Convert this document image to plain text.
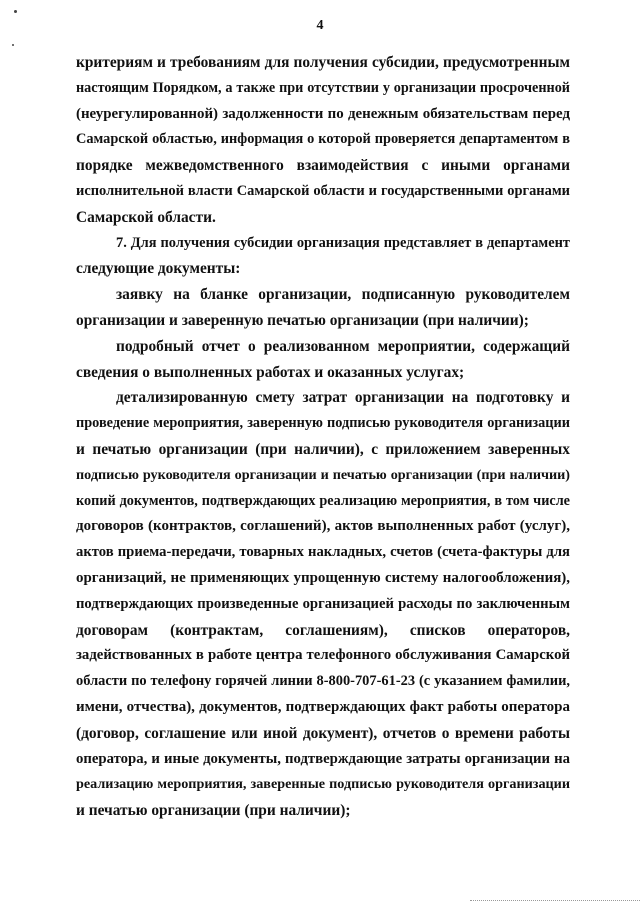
4
критериям и требованиям для получения субсидии, предусмотренным
настоящим Порядком, а также при отсутствии у организации просроченной
(неурегулированной) задолженности по денежным обязательствам перед
Самарской областью, информация о которой проверяется департаментом в
порядке межведомственного взаимодействия с иными органами
исполнительной власти Самарской области и государственными органами
Самарской области.
7. Для получения субсидии организация представляет в департамент
следующие документы:
заявку на бланке организации, подписанную руководителем
организации и заверенную печатью организации (при наличии);
подробный отчет о реализованном мероприятии, содержащий
сведения о выполненных работах и оказанных услугах;
детализированную смету затрат организации на подготовку и
проведение мероприятия, заверенную подписью руководителя организации
и печатью организации (при наличии), с приложением заверенных
подписью руководителя организации и печатью организации (при наличии)
копий документов, подтверждающих реализацию мероприятия, в том числе
договоров (контрактов, соглашений), актов выполненных работ (услуг),
актов приема-передачи, товарных накладных, счетов (счета-фактуры для
организаций, не применяющих упрощенную систему налогообложения),
подтверждающих произведенные организацией расходы по заключенным
договорам (контрактам, соглашениям), списков операторов,
задействованных в работе центра телефонного обслуживания Самарской
области по телефону горячей линии 8-800-707-61-23 (с указанием фамилии,
имени, отчества), документов, подтверждающих факт работы оператора
(договор, соглашение или иной документ), отчетов о времени работы
оператора, и иные документы, подтверждающие затраты организации на
реализацию мероприятия, заверенные подписью руководителя организации
и печатью организации (при наличии);
